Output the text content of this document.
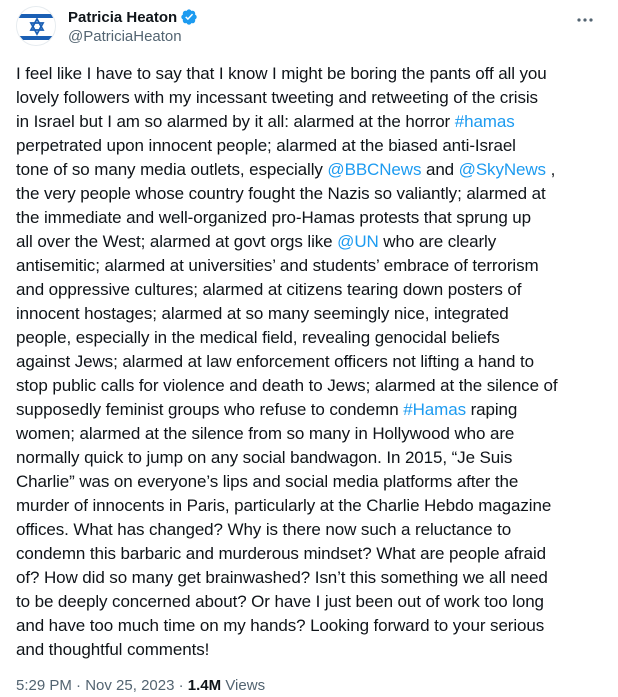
Patricia Heaton
@PatriciaHeaton
I feel like I have to say that I know I might be boring the pants off all you
lovely followers with my incessant tweeting and retweeting of the crisis
in Israel but I am so alarmed by it all: alarmed at the horror #hamas
perpetrated upon innocent people; alarmed at the biased anti-Israel
tone of so many media outlets, especially @BBCNews and @SkyNews ,
the very people whose country fought the Nazis so valiantly; alarmed at
the immediate and well-organized pro-Hamas protests that sprung up
all over the West; alarmed at govt orgs like @UN who are clearly
antisemitic; alarmed at universities’ and students’ embrace of terrorism
and oppressive cultures; alarmed at citizens tearing down posters of
innocent hostages; alarmed at so many seemingly nice, integrated
people, especially in the medical field, revealing genocidal beliefs
against Jews; alarmed at law enforcement officers not lifting a hand to
stop public calls for violence and death to Jews; alarmed at the silence of
supposedly feminist groups who refuse to condemn #Hamas raping
women; alarmed at the silence from so many in Hollywood who are
normally quick to jump on any social bandwagon. In 2015, “Je Suis
Charlie” was on everyone’s lips and social media platforms after the
murder of innocents in Paris, particularly at the Charlie Hebdo magazine
offices. What has changed? Why is there now such a reluctance to
condemn this barbaric and murderous mindset? What are people afraid
of? How did so many get brainwashed? Isn’t this something we all need
to be deeply concerned about? Or have I just been out of work too long
and have too much time on my hands? Looking forward to your serious
and thoughtful comments!
5:29 PM · Nov 25, 2023 · 1.4M Views
